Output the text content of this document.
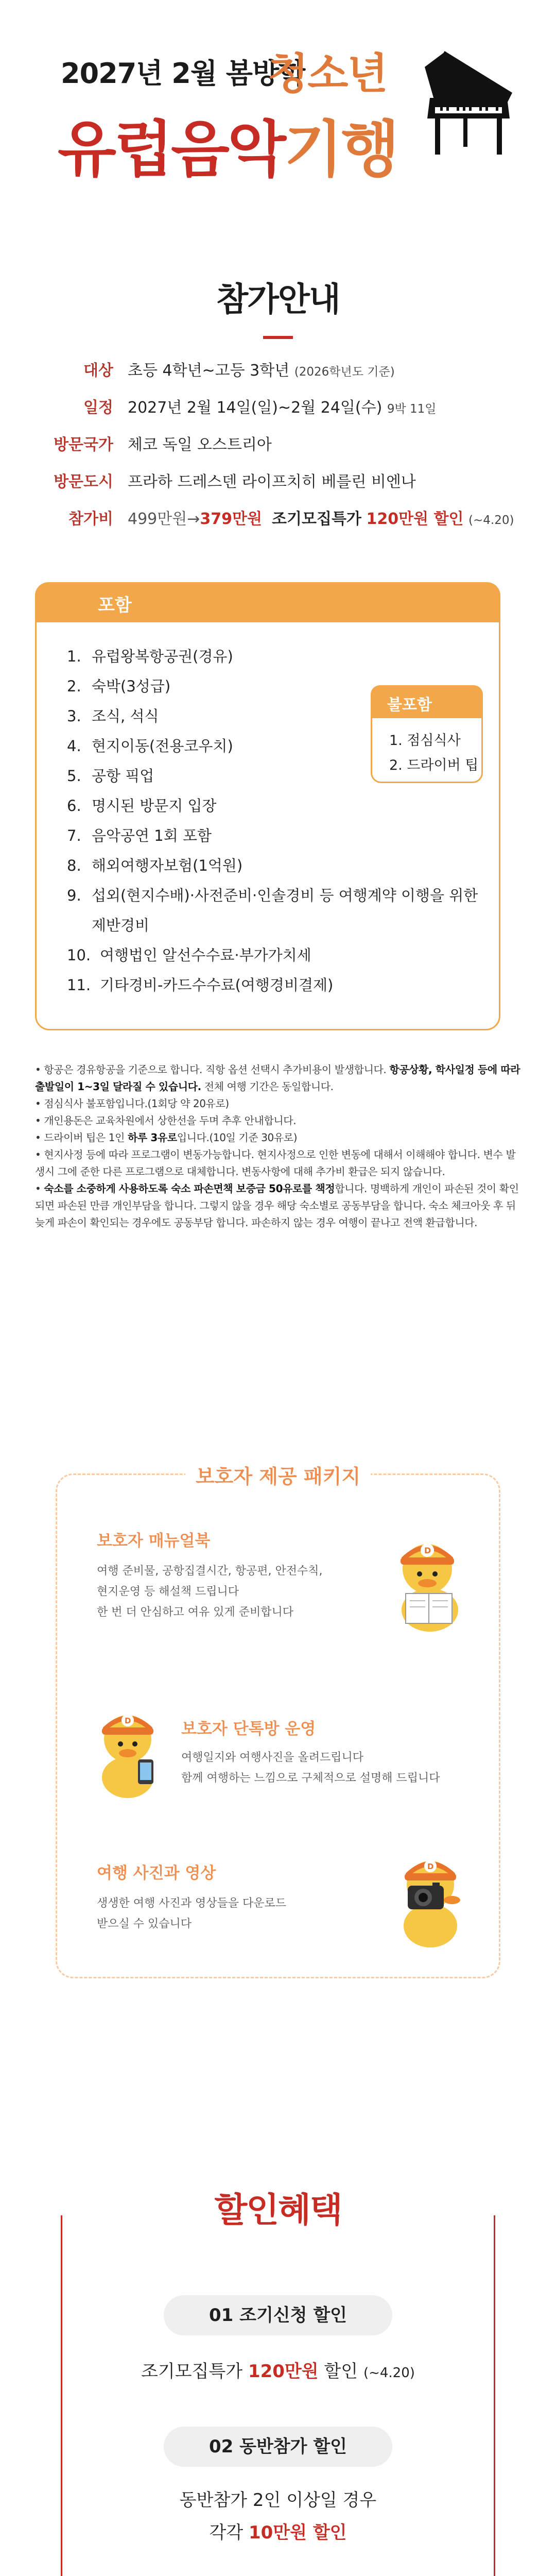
2027년 2월 봄방학
청소년
유럽음악기행
참가안내
대상 초등 4학년~고등 3학년 (2026학년도 기준)
일정 2027년 2월 14일(일)~2월 24일(수) 9박 11일
방문국가 체코 독일 오스트리아
방문도시 프라하 드레스덴 라이프치히 베를린 비엔나
참가비 499만원→379만원 조기모집특가 120만원 할인 (~4.20)
포함
1. 유럽왕복항공권(경유)
2. 숙박(3성급)
3. 조식, 석식
4. 현지이동(전용코우치)
5. 공항 픽업
6. 명시된 방문지 입장
7. 음악공연 1회 포함
8. 해외여행자보험(1억원)
9. 섭외(현지수배)·사전준비·인솔경비 등 여행계약 이행을 위한 제반경비
10. 여행법인 알선수수료·부가가치세
11. 기타경비-카드수수료(여행경비결제)
불포함
1. 점심식사
2. 드라이버 팁

• 항공은 경유항공을 기준으로 합니다. 직항 옵션 선택시 추가비용이 발생합니다. 항공상황, 학사일정 등에 따라 출발일이 1~3일 달라질 수 있습니다. 전체 여행 기간은 동일합니다.

• 점심식사 불포함입니다.(1회당 약 20유로)

• 개인용돈은 교육차원에서 상한선을 두며 추후 안내합니다.

• 드라이버 팁은 1인 하루 3유로입니다.(10일 기준 30유로)

• 현지사정 등에 따라 프로그램이 변동가능합니다. 현지사정으로 인한 변동에 대해서 이해해야 합니다. 변수 발생시 그에 준한 다른 프로그램으로 대체합니다. 변동사항에 대해 추가비 환급은 되지 않습니다.

• 숙소를 소중하게 사용하도록 숙소 파손면책 보증금 50유로를 책정합니다. 명백하게 개인이 파손된 것이 확인되면 파손된 만큼 개인부담을 합니다. 그렇지 않을 경우 해당 숙소별로 공동부담을 합니다. 숙소 체크아웃 후 뒤늦게 파손이 확인되는 경우에도 공동부담 합니다. 파손하지 않는 경우 여행이 끝나고 전액 환급합니다.

보호자 제공 패키지
보호자 매뉴얼북
여행 준비물, 공항집결시간, 항공편, 안전수칙,
현지운영 등 해설책 드립니다
한 번 더 안심하고 여유 있게 준비합니다
D
D	보호자 단톡방 운영
여행일지와 여행사진을 올려드립니다
함께 여행하는 느낌으로 구체적으로 설명해 드립니다
여행 사진과 영상
생생한 여행 사진과 영상들을 다운로드
받으실 수 있습니다
D
할인혜택
01 조기신청 할인
조기모집특가 120만원 할인 (~4.20)
02 동반참가 할인
동반참가 2인 이상일 경우
각각 10만원 할인
